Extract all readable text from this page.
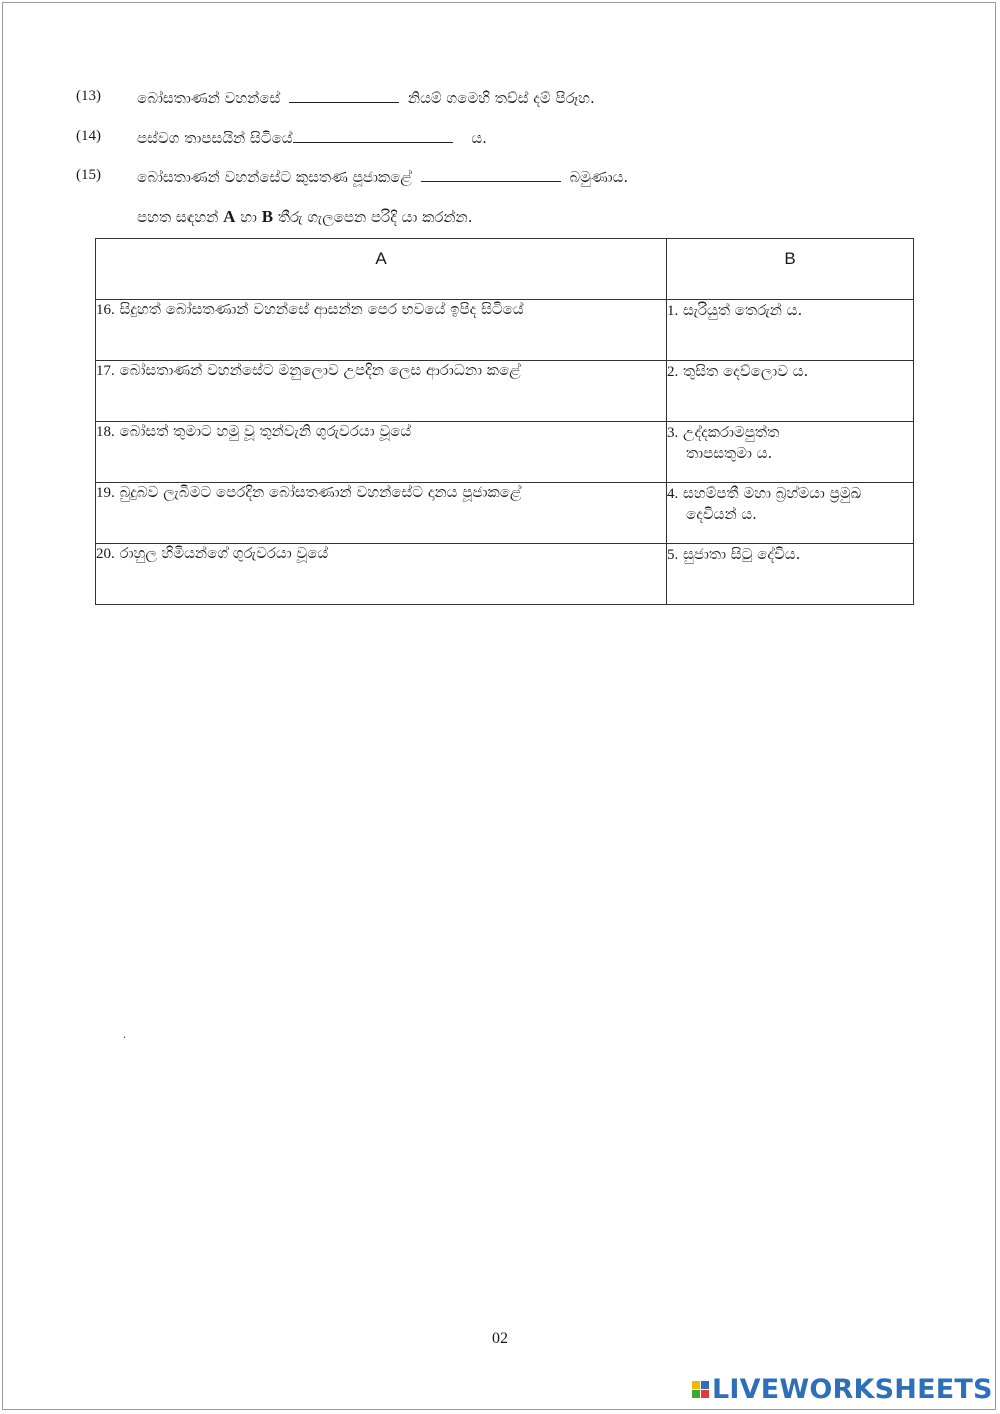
(13) බෝසතාණන් වහන්සේ	නියම් ගමෙහි තව්ස් දම් පිරූහ.
(14) පස්වග තාපසයින් සිටියේ	ය.
(15) බෝසතාණන් වහන්සේට කුසතණ පූජාකළේ	බමුණාය.
පහත සඳහන් A හා B තීරු ගැලපෙන පරිදි යා කරන්න.
A	B
16. සිදුහත් බෝසතණාන් වහන්සේ ආසන්න පෙර භවයේ ඉපිද සිටියේ	1. සැරියුත් තෙරුන් ය.
17. බෝසතාණන් වහන්සේට මනුලොව උපදින ලෙස ආරාධනා කළේ	2. තුසිත දෙව්ලොව ය.
18. බෝසත් තුමාට හමු වූ තුන්වැනි ගුරුවරයා වූයේ	3. උද්දකරාමපුත්ත
තාපසතුමා ය.

19. බුදුබව ලැබීමට පෙරදින බෝසතණාන් වහන්සේට දානය පූජාකළේ	4. සහම්පතී මහා බ්‍රහ්මයා ප්‍රමුඛ
දෙවියන් ය.

20. රාහුල හිමියන්ගේ ගුරුවරයා වූයේ	5. සුජාතා සිටු දේවිය.
.
02
LIVEWORKSHEETS
